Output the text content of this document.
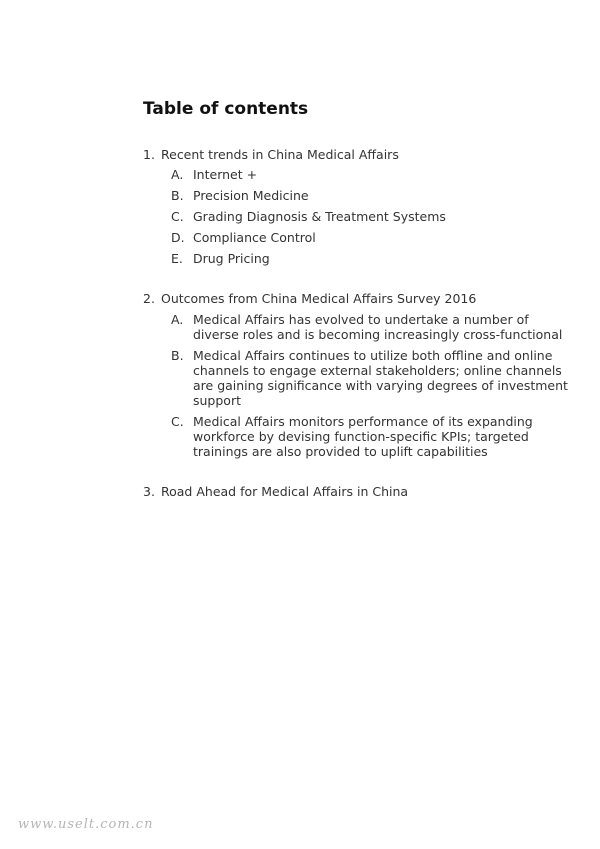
Table of contents
1. Recent trends in China Medical Affairs
A. Internet +
B. Precision Medicine
C. Grading Diagnosis & Treatment Systems
D. Compliance Control
E. Drug Pricing
2. Outcomes from China Medical Affairs Survey 2016
A. Medical Affairs has evolved to undertake a number of diverse roles and is becoming increasingly cross-functional
B. Medical Affairs continues to utilize both offline and online channels to engage external stakeholders; online channels are gaining significance with varying degrees of investment support
C. Medical Affairs monitors performance of its expanding workforce by devising function-specific KPIs; targeted trainings are also provided to uplift capabilities
3. Road Ahead for Medical Affairs in China
www.uselt.com.cn
